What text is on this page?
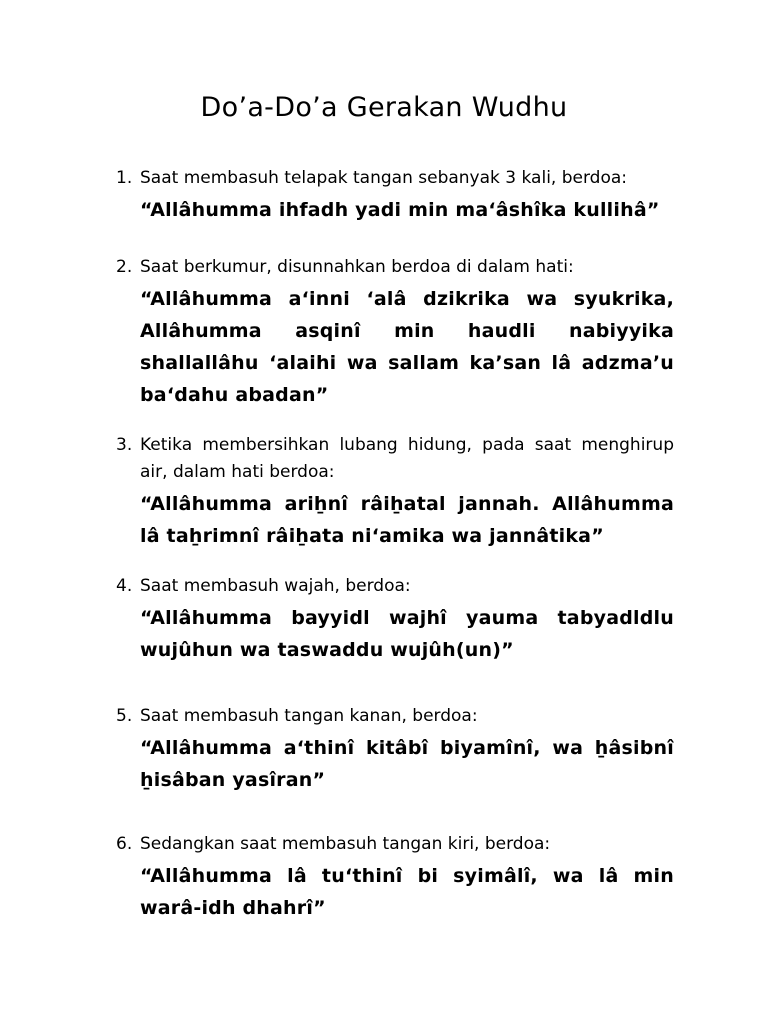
Do’a-Do’a Gerakan Wudhu
1. Saat membasuh telapak tangan sebanyak 3 kali, berdoa:
“Allâhumma ihfadh yadi min ma‘âshîka kullihâ”
2. Saat berkumur, disunnahkan berdoa di dalam hati:
“Allâhumma a‘inni ‘alâ dzikrika wa syukrika, Allâhumma asqinî min haudli nabiyyika shallallâhu ‘alaihi wa sallam ka’san lâ adzma’u ba‘dahu abadan”
3. Ketika membersihkan lubang hidung, pada saat menghirup air, dalam hati berdoa:
“Allâhumma ariẖnî râiẖatal jannah. Allâhumma lâ taẖrimnî râiẖata ni‘amika wa jannâtika”
4. Saat membasuh wajah, berdoa:
“Allâhumma bayyidl wajhî yauma tabyadldlu wujûhun wa taswaddu wujûh(un)”
5. Saat membasuh tangan kanan, berdoa:
“Allâhumma a‘thinî kitâbî biyamînî, wa ẖâsibnî ẖisâban yasîran”
6. Sedangkan saat membasuh tangan kiri, berdoa:
“Allâhumma lâ tu‘thinî bi syimâlî, wa lâ min warâ-idh dhahrî”
